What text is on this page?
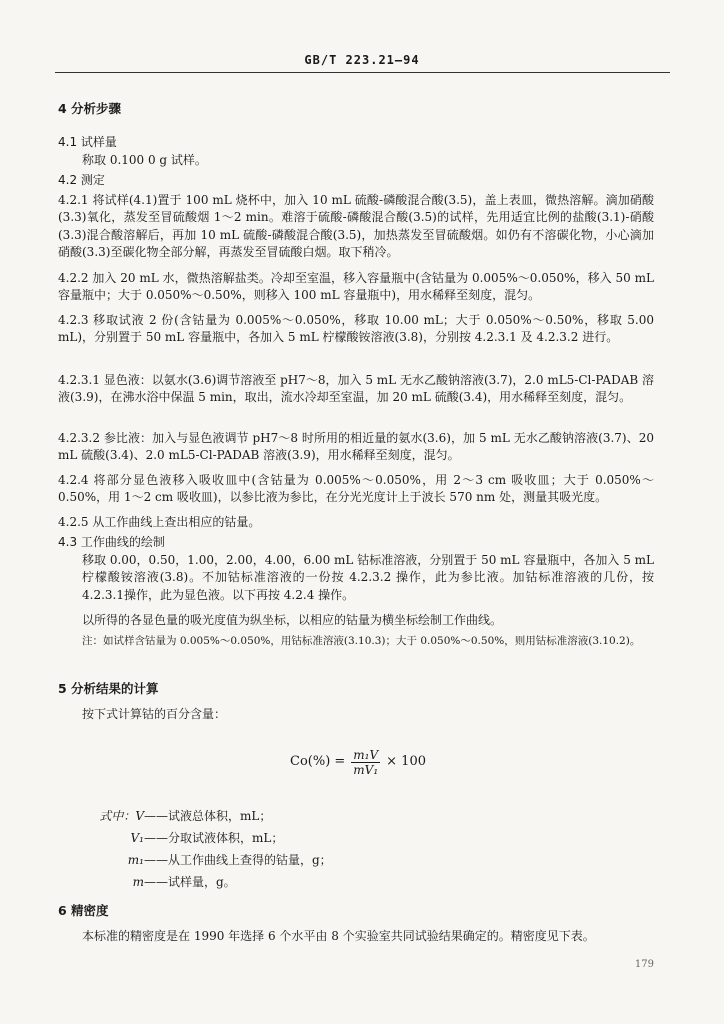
GB/T 223.21—94
4 分析步骤
4.1 试样量
称取 0.100 0 g 试样。
4.2 测定
4.2.1 将试样(4.1)置于 100 mL 烧杯中，加入 10 mL 硫酸-磷酸混合酸(3.5)，盖上表皿，微热溶解。滴加硝酸(3.3)氧化，蒸发至冒硫酸烟 1～2 min。难溶于硫酸-磷酸混合酸(3.5)的试样，先用适宜比例的盐酸(3.1)-硝酸(3.3)混合酸溶解后，再加 10 mL 硫酸-磷酸混合酸(3.5)，加热蒸发至冒硫酸烟。如仍有不溶碳化物，小心滴加硝酸(3.3)至碳化物全部分解，再蒸发至冒硫酸白烟。取下稍冷。
4.2.2 加入 20 mL 水，微热溶解盐类。冷却至室温，移入容量瓶中(含钴量为 0.005%～0.050%，移入 50 mL 容量瓶中；大于 0.050%～0.50%，则移入 100 mL 容量瓶中)，用水稀释至刻度，混匀。
4.2.3 移取试液 2 份(含钴量为 0.005%～0.050%，移取 10.00 mL；大于 0.050%～0.50%，移取 5.00 mL)，分别置于 50 mL 容量瓶中，各加入 5 mL 柠檬酸铵溶液(3.8)，分别按 4.2.3.1 及 4.2.3.2 进行。
4.2.3.1 显色液：以氨水(3.6)调节溶液至 pH7～8，加入 5 mL 无水乙酸钠溶液(3.7)，2.0 mL5-Cl-PADAB 溶液(3.9)，在沸水浴中保温 5 min，取出，流水冷却至室温，加 20 mL 硫酸(3.4)，用水稀释至刻度，混匀。
4.2.3.2 参比液：加入与显色液调节 pH7～8 时所用的相近量的氨水(3.6)，加 5 mL 无水乙酸钠溶液(3.7)、20 mL 硫酸(3.4)、2.0 mL5-Cl-PADAB 溶液(3.9)，用水稀释至刻度，混匀。
4.2.4 将部分显色液移入吸收皿中(含钴量为 0.005%～0.050%，用 2～3 cm 吸收皿；大于 0.050%～0.50%，用 1～2 cm 吸收皿)，以参比液为参比，在分光光度计上于波长 570 nm 处，测量其吸光度。
4.2.5 从工作曲线上查出相应的钴量。
4.3 工作曲线的绘制
移取 0.00，0.50，1.00，2.00，4.00，6.00 mL 钴标准溶液，分别置于 50 mL 容量瓶中，各加入 5 mL 柠檬酸铵溶液(3.8)。不加钴标准溶液的一份按 4.2.3.2 操作，此为参比液。加钴标准溶液的几份，按 4.2.3.1操作，此为显色液。以下再按 4.2.4 操作。
以所得的各显色量的吸光度值为纵坐标，以相应的钴量为横坐标绘制工作曲线。
注：如试样含钴量为 0.005%～0.050%，用钴标准溶液(3.10.3)；大于 0.050%～0.50%，则用钴标准溶液(3.10.2)。
5 分析结果的计算
按下式计算钴的百分含量：
$Co(\%) = \frac{\text{m₁V}}{\text{mV₁}} \times 100$
式中：V ——试液总体积，mL；
V₁ ——分取试液体积，mL；
m₁ ——从工作曲线上查得的钴量，g；
m ——试样量，g。
6 精密度
本标准的精密度是在 1990 年选择 6 个水平由 8 个实验室共同试验结果确定的。精密度见下表。
179
